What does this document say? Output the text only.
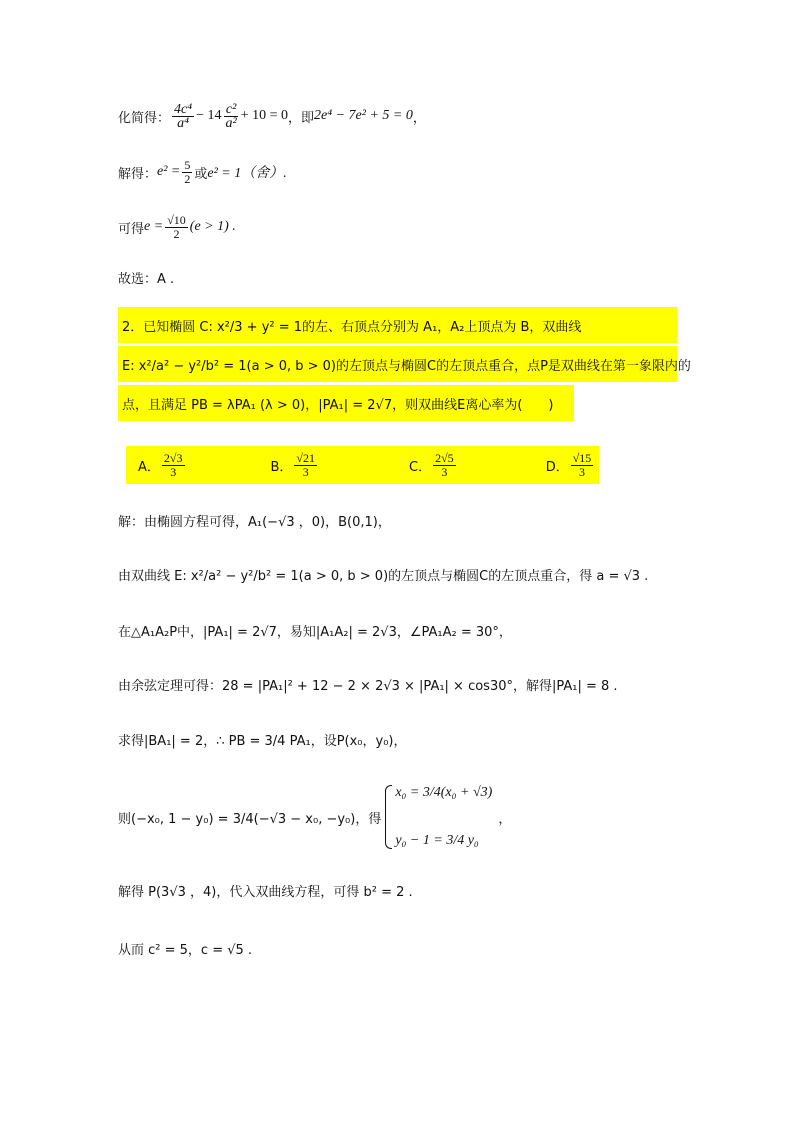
化简得： $\frac{\text{4c⁴}}{\text{a⁴}} - 14 \frac{\text{c²}}{\text{a²}} + 10 = 0$ ，即 2e⁴ − 7e² + 5 = 0 ，
解得： $e^2 = \frac{5}{2}$ 或 e² = 1（舍）.
可得 $e = \frac{√10}{2} (e > 1)$ .
故选：A .
2．已知椭圆 C: x²/3 + y² = 1的左、右顶点分别为 A₁，A₂上顶点为 B，双曲线
E: x²/a² − y²/b² = 1(a > 0, b > 0)的左顶点与椭圆C的左顶点重合，点P是双曲线在第一象限内的
点，且满足 PB = λPA₁ (λ > 0)，|PA₁| = 2√7，则双曲线E离心率为(　　)
A． $\frac{2√3}{3}$	B． $\frac{√21}{3}$	C． $\frac{2√5}{3}$	D． $\frac{√15}{3}$
解：由椭圆方程可得，A₁(−√3 ，0)，B(0,1)，
由双曲线 E: x²/a² − y²/b² = 1(a > 0, b > 0)的左顶点与椭圆C的左顶点重合，得 a = √3 .
在△A₁A₂P中，|PA₁| = 2√7，易知|A₁A₂| = 2√3，∠PA₁A₂ = 30°，
由余弦定理可得：28 = |PA₁|² + 12 − 2 × 2√3 × |PA₁| × cos30°，解得|PA₁| = 8 .
求得|BA₁| = 2，∴ PB = 3/4 PA₁，设P(x₀，y₀)，
则(−x₀, 1 − y₀) = 3/4(−√3 − x₀, −y₀)，得
x₀ = 3/4(x₀ + √3)
y₀ − 1 = 3/4 y₀
，
解得 P(3√3 ，4)，代入双曲线方程，可得 b² = 2 .
从而 c² = 5，c = √5 .
